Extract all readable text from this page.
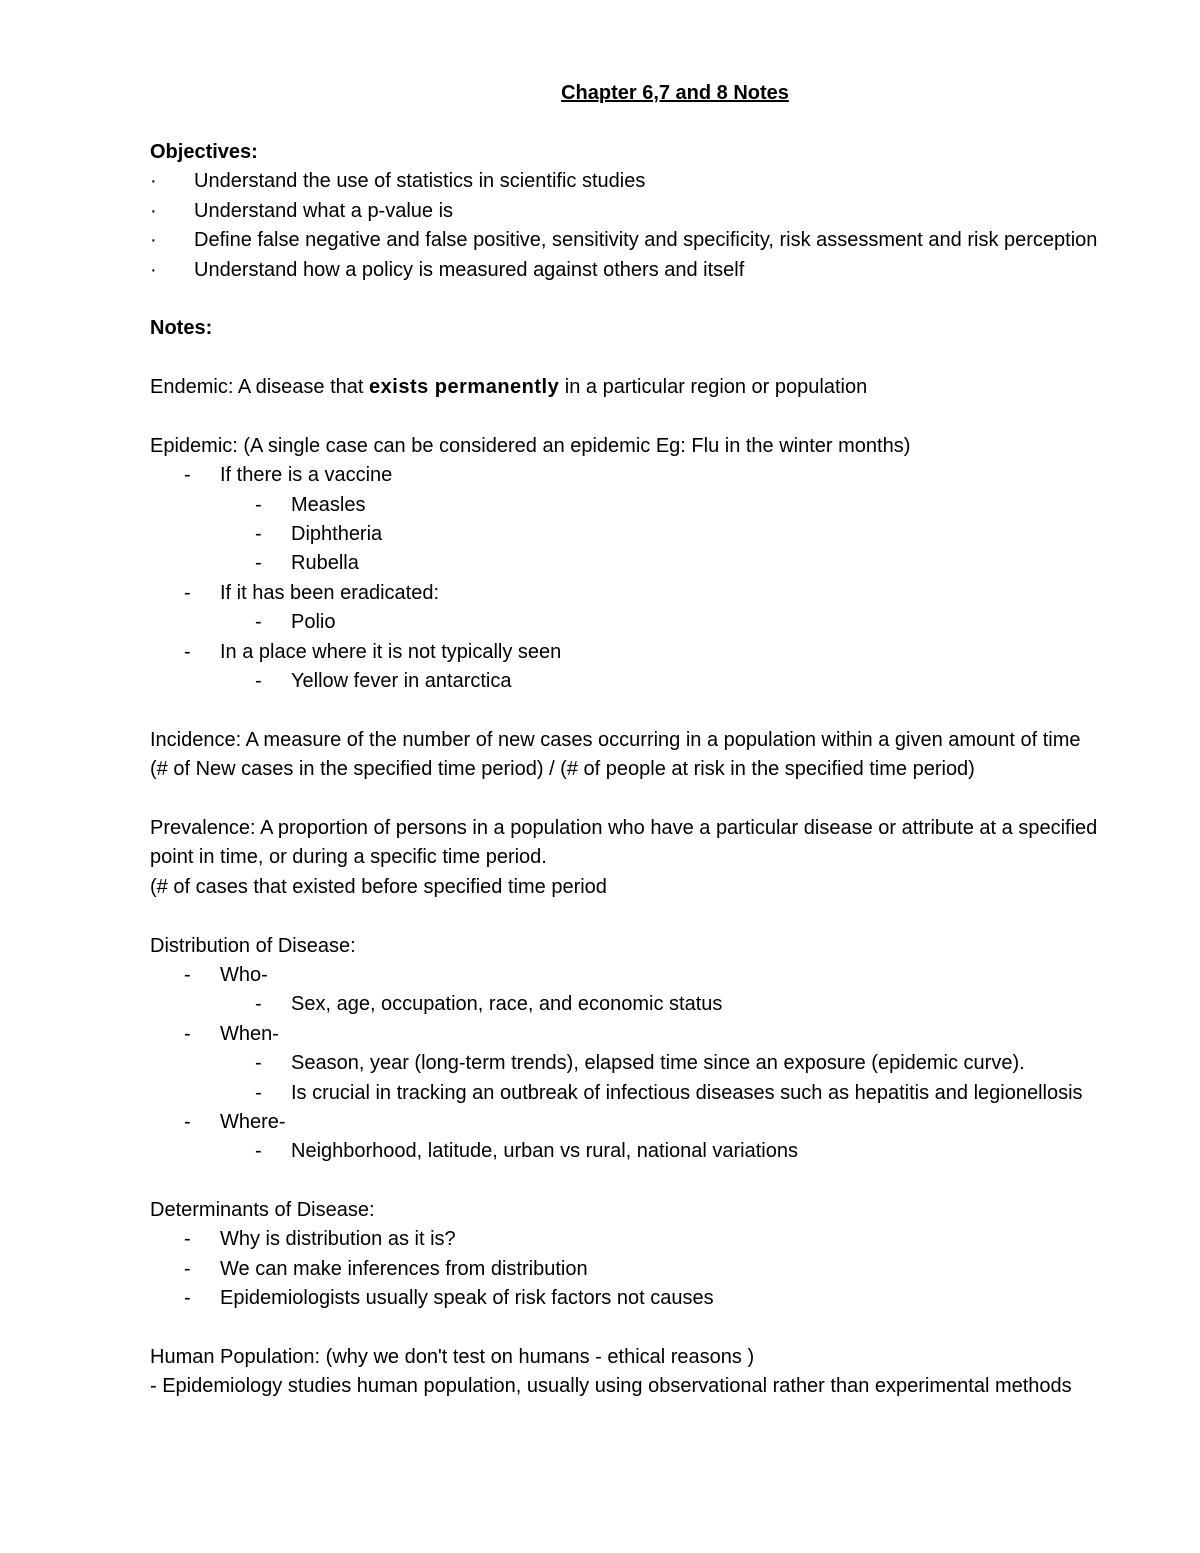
Chapter 6,7 and 8 Notes
Objectives:
· Understand the use of statistics in scientific studies
· Understand what a p-value is
· Define false negative and false positive, sensitivity and specificity, risk assessment and risk perception
· Understand how a policy is measured against others and itself
Notes:
Endemic: A disease that exists permanently in a particular region or population
Epidemic: (A single case can be considered an epidemic Eg: Flu in the winter months)
- If there is a vaccine
- Measles
- Diphtheria
- Rubella
- If it has been eradicated:
- Polio
- In a place where it is not typically seen
- Yellow fever in antarctica
Incidence: A measure of the number of new cases occurring in a population within a given amount of time
(# of New cases in the specified time period) / (# of people at risk in the specified time period)
Prevalence: A proportion of persons in a population who have a particular disease or attribute at a specified
point in time, or during a specific time period.
(# of cases that existed before specified time period
Distribution of Disease:
- Who-
- Sex, age, occupation, race, and economic status
- When-
- Season, year (long-term trends), elapsed time since an exposure (epidemic curve).
- Is crucial in tracking an outbreak of infectious diseases such as hepatitis and legionellosis
- Where-
- Neighborhood, latitude, urban vs rural, national variations
Determinants of Disease:
- Why is distribution as it is?
- We can make inferences from distribution
- Epidemiologists usually speak of risk factors not causes
Human Population: (why we don't test on humans - ethical reasons )
- Epidemiology studies human population, usually using observational rather than experimental methods
